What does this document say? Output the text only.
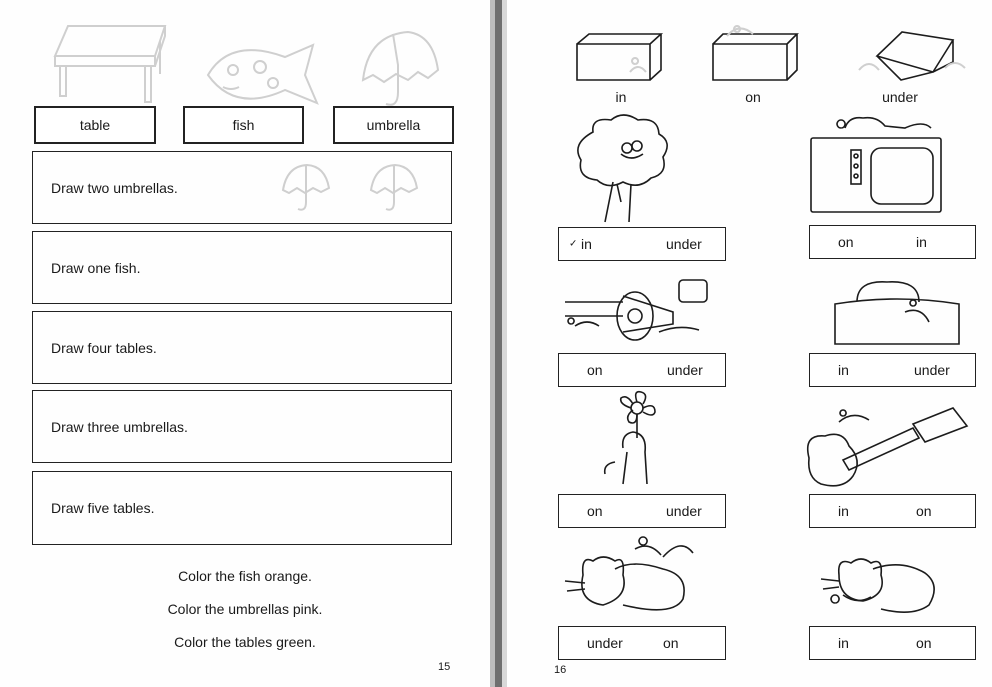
table	fish	umbrella
Draw two umbrellas.
Draw one fish.
Draw four tables.
Draw three umbrellas.
Draw five tables.
Color the fish orange.
Color the umbrellas pink.
Color the tables green.
15
in	on	under
✓ in	under	on	in
on	under	in	under
on	under	in	on
under	on	in	on
16
